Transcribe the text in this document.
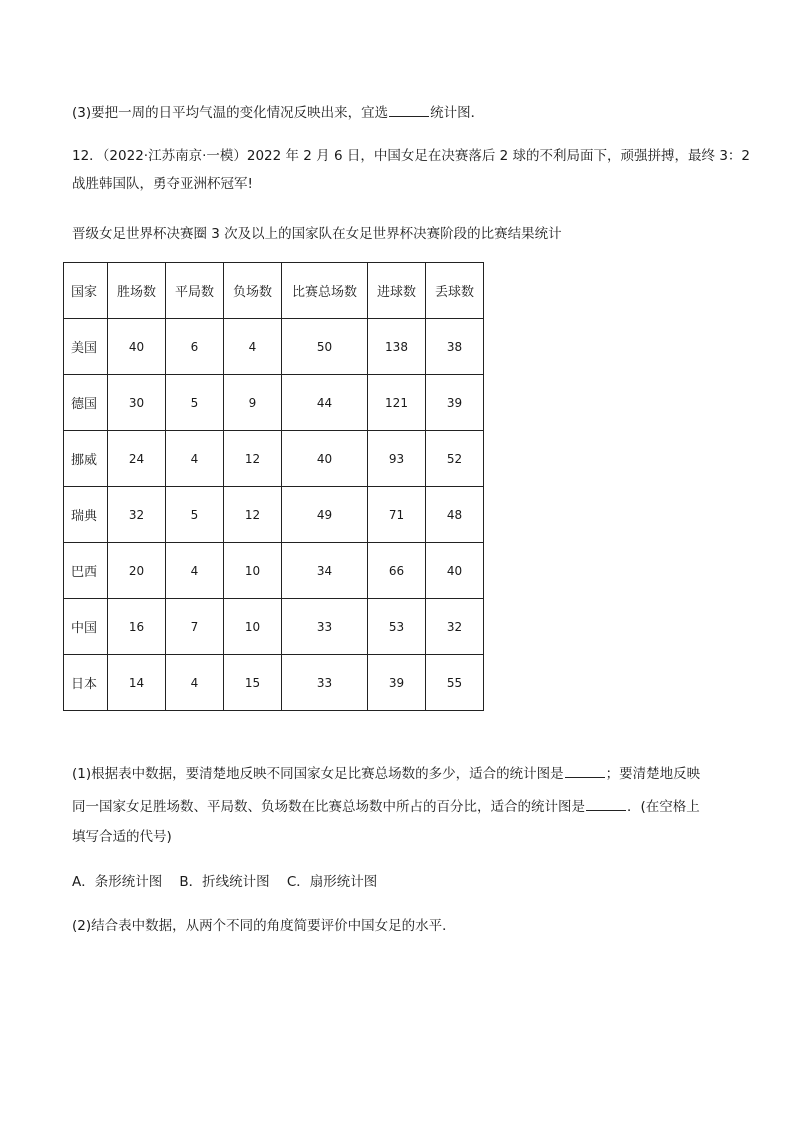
(3)要把一周的日平均气温的变化情况反映出来，宜选	统计图．
12．（2022·江苏南京·一模）2022 年 2 月 6 日，中国女足在决赛落后 2 球的不利局面下，顽强拼搏，最终 3：2
战胜韩国队，勇夺亚洲杯冠军!
晋级女足世界杯决赛圈 3 次及以上的国家队在女足世界杯决赛阶段的比赛结果统计
国家	胜场数	平局数	负场数	比赛总场数	进球数	丢球数
美国	40	6	4	50	138	38
德国	30	5	9	44	121	39
挪威	24	4	12	40	93	52
瑞典	32	5	12	49	71	48
巴西	20	4	10	34	66	40
中国	16	7	10	33	53	32
日本	14	4	15	33	39	55
(1)根据表中数据，要清楚地反映不同国家女足比赛总场数的多少，适合的统计图是	；要清楚地反映
同一国家女足胜场数、平局数、负场数在比赛总场数中所占的百分比，适合的统计图是	．(在空格上
填写合适的代号)
A．条形统计图    B．折线统计图    C．扇形统计图
(2)结合表中数据，从两个不同的角度简要评价中国女足的水平．
